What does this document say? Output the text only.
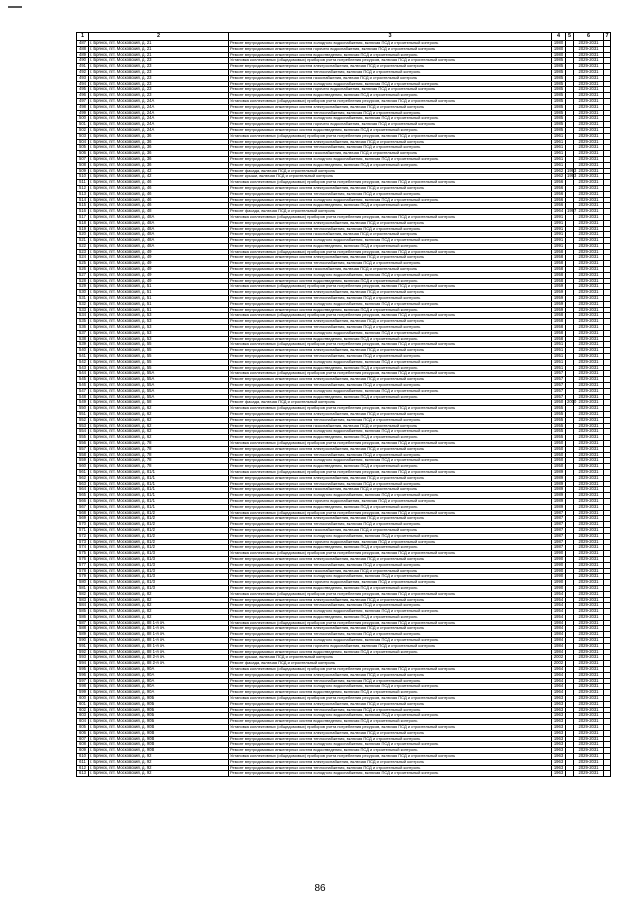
1	2	3	4	5	6	7
487	г. Брянск, пгт. Московский, д. 21	Ремонт внутридомовых инженерных систем холодного водоснабжения, включая ПСД и строительный контроль	1980		2029-2031	
488	г. Брянск, пгт. Московский, д. 21	Ремонт внутридомовых инженерных систем горячего водоснабжения, включая ПСД и строительный контроль	1980		2029-2031	
489	г. Брянск, пгт. Московский, д. 21	Ремонт внутридомовых инженерных систем водоотведения, включая ПСД и строительный контроль	1980		2029-2031	
490	г. Брянск, пгт. Московский, д. 23	Установка коллективных (общедомовых) приборов учета потребления ресурсов, включая ПСД и строительный контроль	1985		2029-2031	
491	г. Брянск, пгт. Московский, д. 23	Ремонт внутридомовых инженерных систем электроснабжения, включая ПСД и строительный контроль	1985		2029-2031	
492	г. Брянск, пгт. Московский, д. 23	Ремонт внутридомовых инженерных систем теплоснабжения, включая ПСД и строительный контроль	1985		2029-2031	
493	г. Брянск, пгт. Московский, д. 23	Ремонт внутридомовых инженерных систем газоснабжения, включая ПСД и строительный контроль	1985		2029-2031	
494	г. Брянск, пгт. Московский, д. 23	Ремонт внутридомовых инженерных систем холодного водоснабжения, включая ПСД и строительный контроль	1985		2029-2031	
495	г. Брянск, пгт. Московский, д. 23	Ремонт внутридомовых инженерных систем горячего водоснабжения, включая ПСД и строительный контроль	1985		2029-2031	
496	г. Брянск, пгт. Московский, д. 23	Ремонт внутридомовых инженерных систем водоотведения, включая ПСД и строительный контроль	1985		2029-2031	
497	г. Брянск, пгт. Московский, д. 24А	Установка коллективных (общедомовых) приборов учета потребления ресурсов, включая ПСД и строительный контроль	1985		2029-2031	
498	г. Брянск, пгт. Московский, д. 24А	Ремонт внутридомовых инженерных систем электроснабжения, включая ПСД и строительный контроль	1985		2029-2031	
499	г. Брянск, пгт. Московский, д. 24А	Ремонт внутридомовых инженерных систем теплоснабжения, включая ПСД и строительный контроль	1985		2029-2031	
500	г. Брянск, пгт. Московский, д. 24А	Ремонт внутридомовых инженерных систем холодного водоснабжения, включая ПСД и строительный контроль	1985		2029-2031	
501	г. Брянск, пгт. Московский, д. 24А	Ремонт внутридомовых инженерных систем горячего водоснабжения, включая ПСД и строительный контроль	1985		2029-2031	
502	г. Брянск, пгт. Московский, д. 24А	Ремонт внутридомовых инженерных систем водоотведения, включая ПСД и строительный контроль	1985		2029-2031	
503	г. Брянск, пгт. Московский, д. 36	Установка коллективных (общедомовых) приборов учета потребления ресурсов, включая ПСД и строительный контроль	1961		2029-2031	
504	г. Брянск, пгт. Московский, д. 36	Ремонт внутридомовых инженерных систем электроснабжения, включая ПСД и строительный контроль	1961		2029-2031	
505	г. Брянск, пгт. Московский, д. 36	Ремонт внутридомовых инженерных систем теплоснабжения, включая ПСД и строительный контроль	1961		2029-2031	
506	г. Брянск, пгт. Московский, д. 36	Ремонт внутридомовых инженерных систем газоснабжения, включая ПСД и строительный контроль	1961		2029-2031	
507	г. Брянск, пгт. Московский, д. 36	Ремонт внутридомовых инженерных систем холодного водоснабжения, включая ПСД и строительный контроль	1961		2029-2031	
508	г. Брянск, пгт. Московский, д. 36	Ремонт внутридомовых инженерных систем водоотведения, включая ПСД и строительный контроль	1961		2029-2031	
509	г. Брянск, пгт. Московский, д. 42	Ремонт фасада, включая ПСД и строительный контроль	1962	1993	2029-2031	
510	г. Брянск, пгт. Московский, д. 42	Ремонт крыши, включая ПСД и строительный контроль	1962	1993	2029-2031	
511	г. Брянск, пгт. Московский, д. 46	Установка коллективных (общедомовых) приборов учета потребления ресурсов, включая ПСД и строительный контроль	1956		2029-2031	
512	г. Брянск, пгт. Московский, д. 46	Ремонт внутридомовых инженерных систем электроснабжения, включая ПСД и строительный контроль	1956		2029-2031	
513	г. Брянск, пгт. Московский, д. 46	Ремонт внутридомовых инженерных систем теплоснабжения, включая ПСД и строительный контроль	1956		2029-2031	
514	г. Брянск, пгт. Московский, д. 46	Ремонт внутридомовых инженерных систем холодного водоснабжения, включая ПСД и строительный контроль	1956		2029-2031	
515	г. Брянск, пгт. Московский, д. 46	Ремонт внутридомовых инженерных систем водоотведения, включая ПСД и строительный контроль	1956		2029-2031	
516	г. Брянск, пгт. Московский, д. 48	Ремонт фасада, включая ПСД и строительный контроль	1964	1997	2029-2031	
517	г. Брянск, пгт. Московский, д. 48А	Установка коллективных (общедомовых) приборов учета потребления ресурсов, включая ПСД и строительный контроль	1991		2029-2031	
518	г. Брянск, пгт. Московский, д. 48А	Ремонт внутридомовых инженерных систем электроснабжения, включая ПСД и строительный контроль	1991		2029-2031	
519	г. Брянск, пгт. Московский, д. 48А	Ремонт внутридомовых инженерных систем теплоснабжения, включая ПСД и строительный контроль	1991		2029-2031	
520	г. Брянск, пгт. Московский, д. 48А	Ремонт внутридомовых инженерных систем газоснабжения, включая ПСД и строительный контроль	1991		2029-2031	
521	г. Брянск, пгт. Московский, д. 48А	Ремонт внутридомовых инженерных систем холодного водоснабжения, включая ПСД и строительный контроль	1991		2029-2031	
522	г. Брянск, пгт. Московский, д. 48А	Ремонт внутридомовых инженерных систем водоотведения, включая ПСД и строительный контроль	1991		2029-2031	
523	г. Брянск, пгт. Московский, д. 49	Установка коллективных (общедомовых) приборов учета потребления ресурсов, включая ПСД и строительный контроль	1958		2029-2031	
524	г. Брянск, пгт. Московский, д. 49	Ремонт внутридомовых инженерных систем электроснабжения, включая ПСД и строительный контроль	1958		2029-2031	
525	г. Брянск, пгт. Московский, д. 49	Ремонт внутридомовых инженерных систем теплоснабжения, включая ПСД и строительный контроль	1958		2029-2031	
526	г. Брянск, пгт. Московский, д. 49	Ремонт внутридомовых инженерных систем газоснабжения, включая ПСД и строительный контроль	1958		2029-2031	
527	г. Брянск, пгт. Московский, д. 49	Ремонт внутридомовых инженерных систем холодного водоснабжения, включая ПСД и строительный контроль	1958		2029-2031	
528	г. Брянск, пгт. Московский, д. 49	Ремонт внутридомовых инженерных систем водоотведения, включая ПСД и строительный контроль	1958		2029-2031	
529	г. Брянск, пгт. Московский, д. 51	Установка коллективных (общедомовых) приборов учета потребления ресурсов, включая ПСД и строительный контроль	1959		2029-2031	
530	г. Брянск, пгт. Московский, д. 51	Ремонт внутридомовых инженерных систем электроснабжения, включая ПСД и строительный контроль	1959		2029-2031	
531	г. Брянск, пгт. Московский, д. 51	Ремонт внутридомовых инженерных систем теплоснабжения, включая ПСД и строительный контроль	1959		2029-2031	
532	г. Брянск, пгт. Московский, д. 51	Ремонт внутридомовых инженерных систем холодного водоснабжения, включая ПСД и строительный контроль	1959		2029-2031	
533	г. Брянск, пгт. Московский, д. 51	Ремонт внутридомовых инженерных систем водоотведения, включая ПСД и строительный контроль	1959		2029-2031	
534	г. Брянск, пгт. Московский, д. 53	Установка коллективных (общедомовых) приборов учета потребления ресурсов, включая ПСД и строительный контроль	1958		2029-2031	
535	г. Брянск, пгт. Московский, д. 53	Ремонт внутридомовых инженерных систем электроснабжения, включая ПСД и строительный контроль	1958		2029-2031	
536	г. Брянск, пгт. Московский, д. 53	Ремонт внутридомовых инженерных систем теплоснабжения, включая ПСД и строительный контроль	1958		2029-2031	
537	г. Брянск, пгт. Московский, д. 53	Ремонт внутридомовых инженерных систем холодного водоснабжения, включая ПСД и строительный контроль	1958		2029-2031	
538	г. Брянск, пгт. Московский, д. 53	Ремонт внутридомовых инженерных систем водоотведения, включая ПСД и строительный контроль	1958		2029-2031	
539	г. Брянск, пгт. Московский, д. 55	Установка коллективных (общедомовых) приборов учета потребления ресурсов, включая ПСД и строительный контроль	1951		2029-2031	
540	г. Брянск, пгт. Московский, д. 55	Ремонт внутридомовых инженерных систем электроснабжения, включая ПСД и строительный контроль	1951		2029-2031	
541	г. Брянск, пгт. Московский, д. 55	Ремонт внутридомовых инженерных систем теплоснабжения, включая ПСД и строительный контроль	1951		2029-2031	
542	г. Брянск, пгт. Московский, д. 55	Ремонт внутридомовых инженерных систем холодного водоснабжения, включая ПСД и строительный контроль	1951		2029-2031	
543	г. Брянск, пгт. Московский, д. 55	Ремонт внутридомовых инженерных систем водоотведения, включая ПСД и строительный контроль	1951		2029-2031	
544	г. Брянск, пгт. Московский, д. 55А	Установка коллективных (общедомовых) приборов учета потребления ресурсов, включая ПСД и строительный контроль	1957		2029-2031	
545	г. Брянск, пгт. Московский, д. 55А	Ремонт внутридомовых инженерных систем электроснабжения, включая ПСД и строительный контроль	1957		2029-2031	
546	г. Брянск, пгт. Московский, д. 55А	Ремонт внутридомовых инженерных систем теплоснабжения, включая ПСД и строительный контроль	1957		2029-2031	
547	г. Брянск, пгт. Московский, д. 55А	Ремонт внутридомовых инженерных систем холодного водоснабжения, включая ПСД и строительный контроль	1957		2029-2031	
548	г. Брянск, пгт. Московский, д. 55А	Ремонт внутридомовых инженерных систем водоотведения, включая ПСД и строительный контроль	1957		2029-2031	
549	г. Брянск, пгт. Московский, д. 58	Ремонт фасада, включая ПСД и строительный контроль	1950	2000	2029-2031	
550	г. Брянск, пгт. Московский, д. 62	Установка коллективных (общедомовых) приборов учета потребления ресурсов, включая ПСД и строительный контроль	1955		2029-2031	
551	г. Брянск, пгт. Московский, д. 62	Ремонт внутридомовых инженерных систем электроснабжения, включая ПСД и строительный контроль	1955		2029-2031	
552	г. Брянск, пгт. Московский, д. 62	Ремонт внутридомовых инженерных систем теплоснабжения, включая ПСД и строительный контроль	1955		2029-2031	
553	г. Брянск, пгт. Московский, д. 62	Ремонт внутридомовых инженерных систем газоснабжения, включая ПСД и строительный контроль	1955		2029-2031	
554	г. Брянск, пгт. Московский, д. 62	Ремонт внутридомовых инженерных систем холодного водоснабжения, включая ПСД и строительный контроль	1955		2029-2031	
555	г. Брянск, пгт. Московский, д. 62	Ремонт внутридомовых инженерных систем водоотведения, включая ПСД и строительный контроль	1955		2029-2031	
556	г. Брянск, пгт. Московский, д. 78	Установка коллективных (общедомовых) приборов учета потребления ресурсов, включая ПСД и строительный контроль	1950		2029-2031	
557	г. Брянск, пгт. Московский, д. 78	Ремонт внутридомовых инженерных систем электроснабжения, включая ПСД и строительный контроль	1950		2029-2031	
558	г. Брянск, пгт. Московский, д. 78	Ремонт внутридомовых инженерных систем теплоснабжения, включая ПСД и строительный контроль	1950		2029-2031	
559	г. Брянск, пгт. Московский, д. 78	Ремонт внутридомовых инженерных систем холодного водоснабжения, включая ПСД и строительный контроль	1950		2029-2031	
560	г. Брянск, пгт. Московский, д. 78	Ремонт внутридомовых инженерных систем водоотведения, включая ПСД и строительный контроль	1950		2029-2031	
561	г. Брянск, пгт. Московский, д. 81/1	Установка коллективных (общедомовых) приборов учета потребления ресурсов, включая ПСД и строительный контроль	1989		2029-2031	
562	г. Брянск, пгт. Московский, д. 81/1	Ремонт внутридомовых инженерных систем электроснабжения, включая ПСД и строительный контроль	1989		2029-2031	
563	г. Брянск, пгт. Московский, д. 81/1	Ремонт внутридомовых инженерных систем теплоснабжения, включая ПСД и строительный контроль	1989		2029-2031	
564	г. Брянск, пгт. Московский, д. 81/1	Ремонт внутридомовых инженерных систем газоснабжения, включая ПСД и строительный контроль	1989		2029-2031	
565	г. Брянск, пгт. Московский, д. 81/1	Ремонт внутридомовых инженерных систем холодного водоснабжения, включая ПСД и строительный контроль	1989		2029-2031	
566	г. Брянск, пгт. Московский, д. 81/1	Ремонт внутридомовых инженерных систем горячего водоснабжения, включая ПСД и строительный контроль	1989		2029-2031	
567	г. Брянск, пгт. Московский, д. 81/1	Ремонт внутридомовых инженерных систем водоотведения, включая ПСД и строительный контроль	1989		2029-2031	
568	г. Брянск, пгт. Московский, д. 81/2	Установка коллективных (общедомовых) приборов учета потребления ресурсов, включая ПСД и строительный контроль	1987		2029-2031	
569	г. Брянск, пгт. Московский, д. 81/2	Ремонт внутридомовых инженерных систем электроснабжения, включая ПСД и строительный контроль	1987		2029-2031	
570	г. Брянск, пгт. Московский, д. 81/2	Ремонт внутридомовых инженерных систем теплоснабжения, включая ПСД и строительный контроль	1987		2029-2031	
571	г. Брянск, пгт. Московский, д. 81/2	Ремонт внутридомовых инженерных систем газоснабжения, включая ПСД и строительный контроль	1987		2029-2031	
572	г. Брянск, пгт. Московский, д. 81/2	Ремонт внутридомовых инженерных систем холодного водоснабжения, включая ПСД и строительный контроль	1987		2029-2031	
573	г. Брянск, пгт. Московский, д. 81/2	Ремонт внутридомовых инженерных систем горячего водоснабжения, включая ПСД и строительный контроль	1987		2029-2031	
574	г. Брянск, пгт. Московский, д. 81/2	Ремонт внутридомовых инженерных систем водоотведения, включая ПСД и строительный контроль	1987		2029-2031	
575	г. Брянск, пгт. Московский, д. 81/3	Установка коллективных (общедомовых) приборов учета потребления ресурсов, включая ПСД и строительный контроль	1990		2029-2031	
576	г. Брянск, пгт. Московский, д. 81/3	Ремонт внутридомовых инженерных систем электроснабжения, включая ПСД и строительный контроль	1990		2029-2031	
577	г. Брянск, пгт. Московский, д. 81/3	Ремонт внутридомовых инженерных систем теплоснабжения, включая ПСД и строительный контроль	1990		2029-2031	
578	г. Брянск, пгт. Московский, д. 81/3	Ремонт внутридомовых инженерных систем газоснабжения, включая ПСД и строительный контроль	1990		2029-2031	
579	г. Брянск, пгт. Московский, д. 81/3	Ремонт внутридомовых инженерных систем холодного водоснабжения, включая ПСД и строительный контроль	1990		2029-2031	
580	г. Брянск, пгт. Московский, д. 81/3	Ремонт внутридомовых инженерных систем горячего водоснабжения, включая ПСД и строительный контроль	1990		2029-2031	
581	г. Брянск, пгт. Московский, д. 81/3	Ремонт внутридомовых инженерных систем водоотведения, включая ПСД и строительный контроль	1990		2029-2031	
582	г. Брянск, пгт. Московский, д. 82	Установка коллективных (общедомовых) приборов учета потребления ресурсов, включая ПСД и строительный контроль	1954		2029-2031	
583	г. Брянск, пгт. Московский, д. 82	Ремонт внутридомовых инженерных систем электроснабжения, включая ПСД и строительный контроль	1954		2029-2031	
584	г. Брянск, пгт. Московский, д. 82	Ремонт внутридомовых инженерных систем теплоснабжения, включая ПСД и строительный контроль	1954		2029-2031	
585	г. Брянск, пгт. Московский, д. 82	Ремонт внутридомовых инженерных систем холодного водоснабжения, включая ПСД и строительный контроль	1954		2029-2031	
586	г. Брянск, пгт. Московский, д. 82	Ремонт внутридомовых инженерных систем водоотведения, включая ПСД и строительный контроль	1954		2029-2031	
587	г. Брянск, пгт. Московский, д. 88 1-я оч.	Установка коллективных (общедомовых) приборов учета потребления ресурсов, включая ПСД и строительный контроль	1984		2029-2031	
588	г. Брянск, пгт. Московский, д. 88 1-я оч.	Ремонт внутридомовых инженерных систем электроснабжения, включая ПСД и строительный контроль	1984		2029-2031	
589	г. Брянск, пгт. Московский, д. 88 1-я оч.	Ремонт внутридомовых инженерных систем теплоснабжения, включая ПСД и строительный контроль	1984		2029-2031	
590	г. Брянск, пгт. Московский, д. 88 1-я оч.	Ремонт внутридомовых инженерных систем холодного водоснабжения, включая ПСД и строительный контроль	1984		2029-2031	
591	г. Брянск, пгт. Московский, д. 88 1-я оч.	Ремонт внутридомовых инженерных систем горячего водоснабжения, включая ПСД и строительный контроль	1984		2029-2031	
592	г. Брянск, пгт. Московский, д. 88 1-я оч.	Ремонт внутридомовых инженерных систем водоотведения, включая ПСД и строительный контроль	1984		2029-2031	
593	г. Брянск, пгт. Московский, д. 88 2-я оч.	Ремонт крыши, включая ПСД и строительный контроль	2002		2029-2031	
594	г. Брянск, пгт. Московский, д. 88 2-я оч.	Ремонт фасада, включая ПСД и строительный контроль	2002		2029-2031	
595	г. Брянск, пгт. Московский, д. 90А	Установка коллективных (общедомовых) приборов учета потребления ресурсов, включая ПСД и строительный контроль	1964		2029-2031	
596	г. Брянск, пгт. Московский, д. 90А	Ремонт внутридомовых инженерных систем электроснабжения, включая ПСД и строительный контроль	1964		2029-2031	
597	г. Брянск, пгт. Московский, д. 90А	Ремонт внутридомовых инженерных систем теплоснабжения, включая ПСД и строительный контроль	1964		2029-2031	
598	г. Брянск, пгт. Московский, д. 90А	Ремонт внутридомовых инженерных систем холодного водоснабжения, включая ПСД и строительный контроль	1964		2029-2031	
599	г. Брянск, пгт. Московский, д. 90А	Ремонт внутридомовых инженерных систем водоотведения, включая ПСД и строительный контроль	1964		2029-2031	
600	г. Брянск, пгт. Московский, д. 90Б	Установка коллективных (общедомовых) приборов учета потребления ресурсов, включая ПСД и строительный контроль	1963		2029-2031	
601	г. Брянск, пгт. Московский, д. 90Б	Ремонт внутридомовых инженерных систем электроснабжения, включая ПСД и строительный контроль	1963		2029-2031	
602	г. Брянск, пгт. Московский, д. 90Б	Ремонт внутридомовых инженерных систем теплоснабжения, включая ПСД и строительный контроль	1963		2029-2031	
603	г. Брянск, пгт. Московский, д. 90Б	Ремонт внутридомовых инженерных систем холодного водоснабжения, включая ПСД и строительный контроль	1963		2029-2031	
604	г. Брянск, пгт. Московский, д. 90Б	Ремонт внутридомовых инженерных систем водоотведения, включая ПСД и строительный контроль	1963		2029-2031	
605	г. Брянск, пгт. Московский, д. 90В	Установка коллективных (общедомовых) приборов учета потребления ресурсов, включая ПСД и строительный контроль	1963		2029-2031	
606	г. Брянск, пгт. Московский, д. 90В	Ремонт внутридомовых инженерных систем электроснабжения, включая ПСД и строительный контроль	1963		2029-2031	
607	г. Брянск, пгт. Московский, д. 90В	Ремонт внутридомовых инженерных систем теплоснабжения, включая ПСД и строительный контроль	1963		2029-2031	
608	г. Брянск, пгт. Московский, д. 90В	Ремонт внутридомовых инженерных систем холодного водоснабжения, включая ПСД и строительный контроль	1963		2029-2031	
609	г. Брянск, пгт. Московский, д. 90В	Ремонт внутридомовых инженерных систем водоотведения, включая ПСД и строительный контроль	1963		2029-2031	
610	г. Брянск, пгт. Московский, д. 92	Установка коллективных (общедомовых) приборов учета потребления ресурсов, включая ПСД и строительный контроль	1963		2029-2031	
611	г. Брянск, пгт. Московский, д. 92	Ремонт внутридомовых инженерных систем электроснабжения, включая ПСД и строительный контроль	1963		2029-2031	
612	г. Брянск, пгт. Московский, д. 92	Ремонт внутридомовых инженерных систем теплоснабжения, включая ПСД и строительный контроль	1963		2029-2031	
613	г. Брянск, пгт. Московский, д. 92	Ремонт внутридомовых инженерных систем холодного водоснабжения, включая ПСД и строительный контроль	1963		2029-2031	
86
